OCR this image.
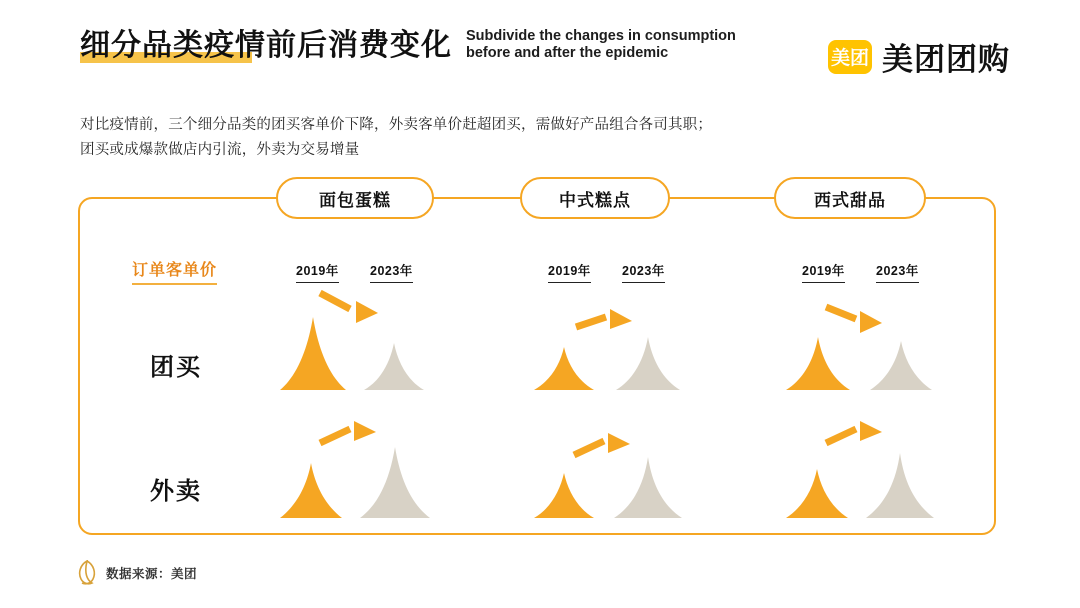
细分品类疫情前后消费变化 Subdivide the changes in consumption
before and after the epidemic	美团 美团团购
对比疫情前，三个细分品类的团买客单价下降，外卖客单价赶超团买，需做好产品组合各司其职；
团买或成爆款做店内引流，外卖为交易增量
面包蛋糕	中式糕点	西式甜品
订单客单价
团买
外卖
2019年 2023年	2019年 2023年	2019年 2023年
数据来源：美团
